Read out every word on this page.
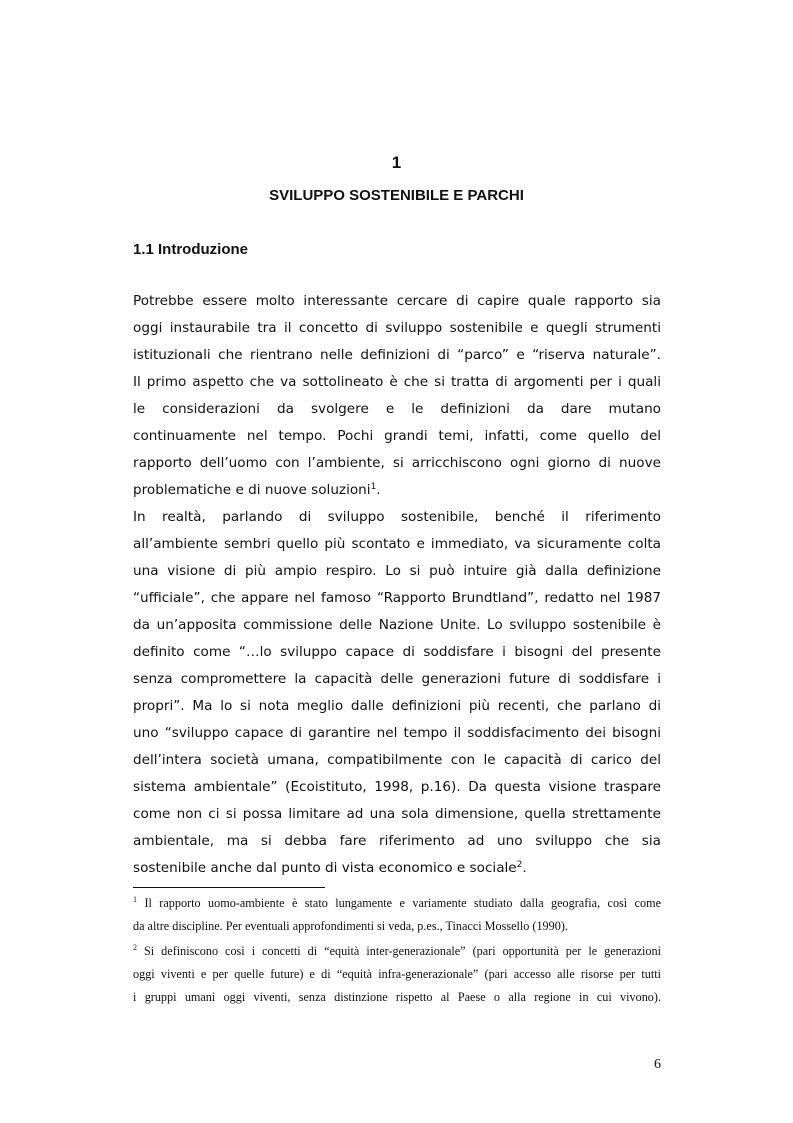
1
SVILUPPO SOSTENIBILE E PARCHI
1.1 Introduzione
Potrebbe essere molto interessante cercare di capire quale rapporto sia
oggi instaurabile tra il concetto di sviluppo sostenibile e quegli strumenti
istituzionali che rientrano nelle definizioni di “parco” e “riserva naturale”.
Il primo aspetto che va sottolineato è che si tratta di argomenti per i quali
le considerazioni da svolgere e le definizioni da dare mutano
continuamente nel tempo. Pochi grandi temi, infatti, come quello del
rapporto dell’uomo con l’ambiente, si arricchiscono ogni giorno di nuove
problematiche e di nuove soluzioni$^1$.
In realtà, parlando di sviluppo sostenibile, benché il riferimento
all’ambiente sembri quello più scontato e immediato, va sicuramente colta
una visione di più ampio respiro. Lo si può intuire già dalla definizione
“ufficiale”, che appare nel famoso “Rapporto Brundtland”, redatto nel 1987
da un’apposita commissione delle Nazione Unite. Lo sviluppo sostenibile è
definito come “…lo sviluppo capace di soddisfare i bisogni del presente
senza compromettere la capacità delle generazioni future di soddisfare i
propri”. Ma lo si nota meglio dalle definizioni più recenti, che parlano di
uno “sviluppo capace di garantire nel tempo il soddisfacimento dei bisogni
dell’intera società umana, compatibilmente con le capacità di carico del
sistema ambientale” (Ecoistituto, 1998, p.16). Da questa visione traspare
come non ci si possa limitare ad una sola dimensione, quella strettamente
ambientale, ma si debba fare riferimento ad uno sviluppo che sia
sostenibile anche dal punto di vista economico e sociale$^2$.
$^1$ Il rapporto uomo-ambiente è stato lungamente e variamente studiato dalla geografia, così come
da altre discipline. Per eventuali approfondimenti si veda, p.es., Tinacci Mossello (1990).
$^2$ Si definiscono così i concetti di “equità inter-generazionale” (pari opportunità per le generazioni
oggi viventi e per quelle future) e di “equità infra-generazionale” (pari accesso alle risorse per tutti
i gruppi umani oggi viventi, senza distinzione rispetto al Paese o alla regione in cui vivono).
6
